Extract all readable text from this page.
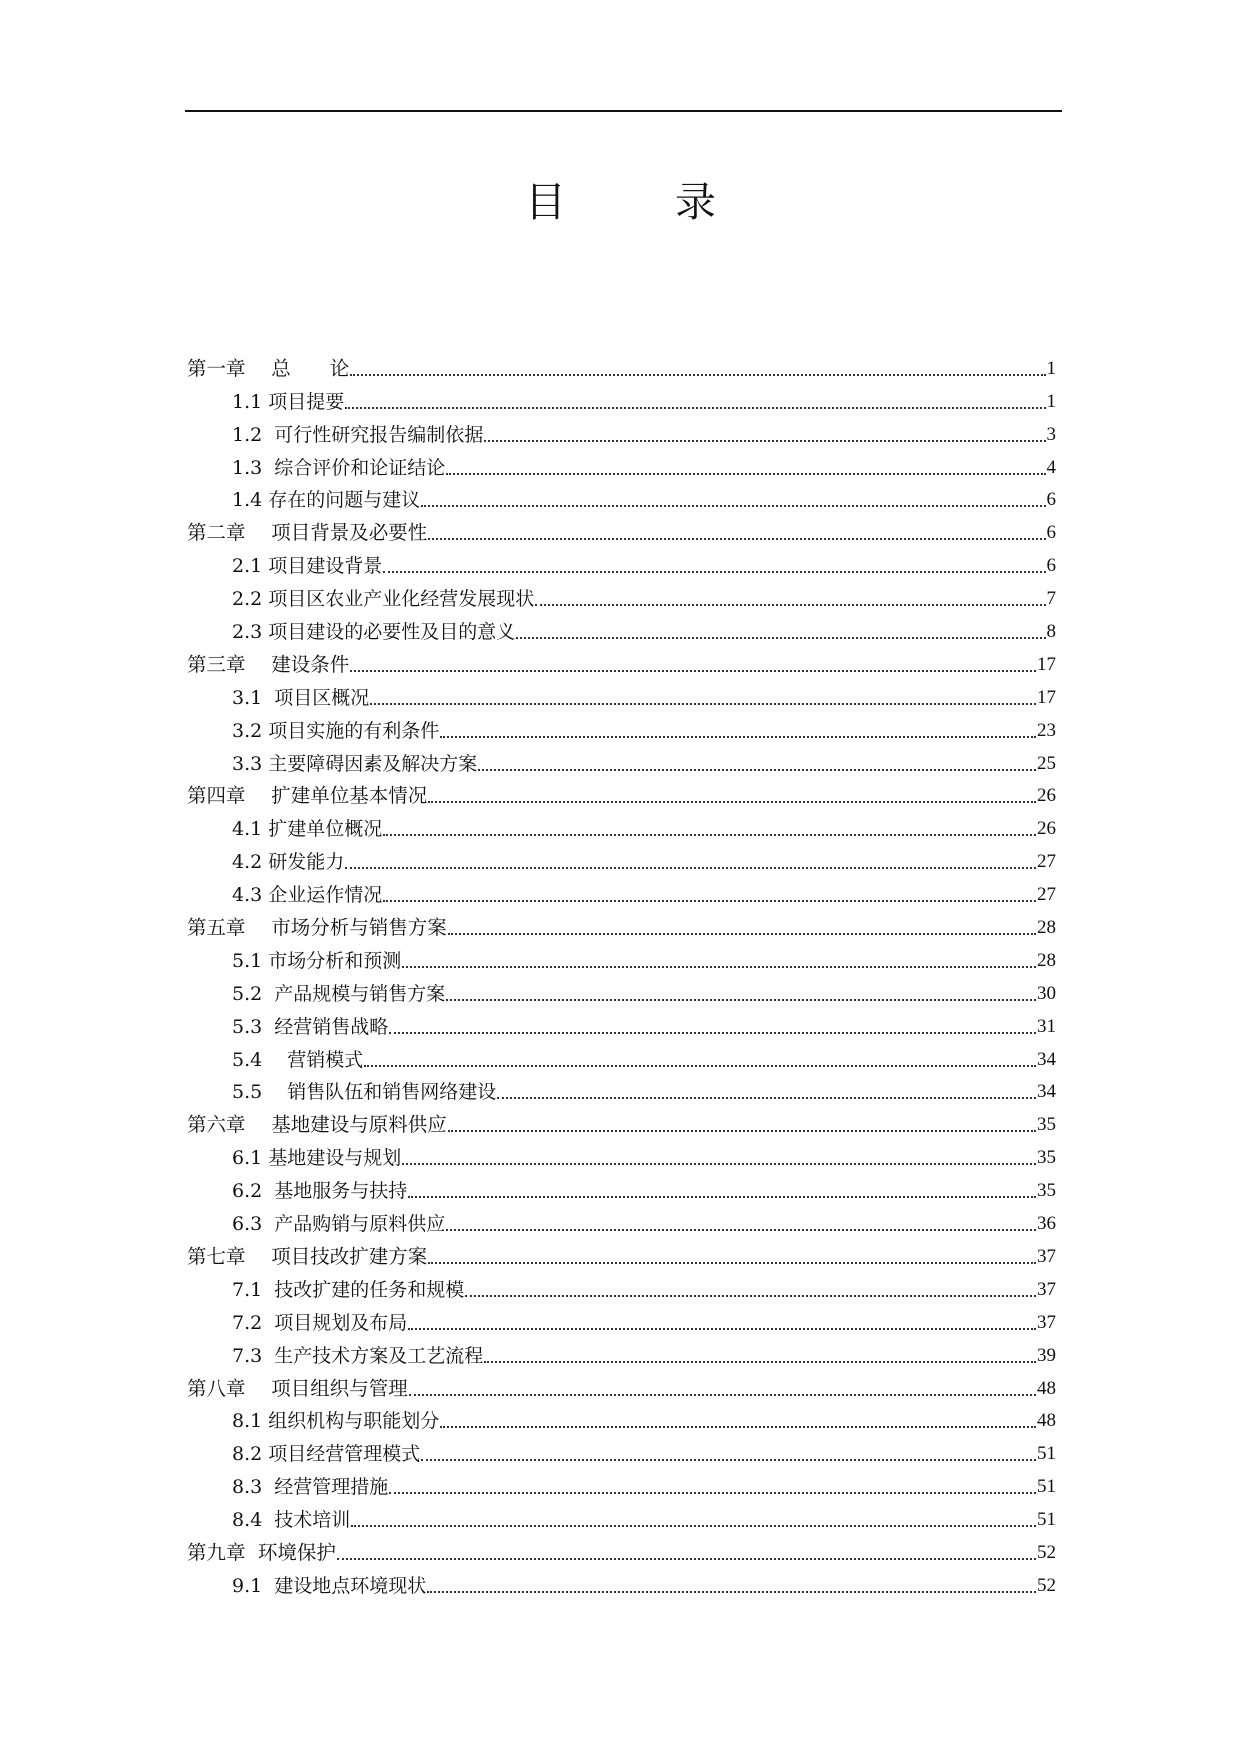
目　录
第一章　 总　　论	1
1.1 项目提要	1
1.2  可行性研究报告编制依据	3
1.3  综合评价和论证结论	4
1.4 存在的问题与建议	6
第二章　 项目背景及必要性	6
2.1 项目建设背景	6
2.2 项目区农业产业化经营发展现状	7
2.3 项目建设的必要性及目的意义	8
第三章　 建设条件	17
3.1  项目区概况	17
3.2 项目实施的有利条件	23
3.3 主要障碍因素及解决方案	25
第四章　 扩建单位基本情况	26
4.1 扩建单位概况	26
4.2 研发能力	27
4.3 企业运作情况	27
第五章　 市场分析与销售方案	28
5.1 市场分析和预测	28
5.2  产品规模与销售方案	30
5.3  经营销售战略	31
5.4　 营销模式	34
5.5　 销售队伍和销售网络建设	34
第六章　 基地建设与原料供应	35
6.1 基地建设与规划	35
6.2  基地服务与扶持	35
6.3  产品购销与原料供应	36
第七章　 项目技改扩建方案	37
7.1  技改扩建的任务和规模	37
7.2  项目规划及布局	37
7.3  生产技术方案及工艺流程	39
第八章　 项目组织与管理	48
8.1 组织机构与职能划分	48
8.2 项目经营管理模式	51
8.3  经营管理措施	51
8.4  技术培训	51
第九章  环境保护	52
9.1  建设地点环境现状	52
